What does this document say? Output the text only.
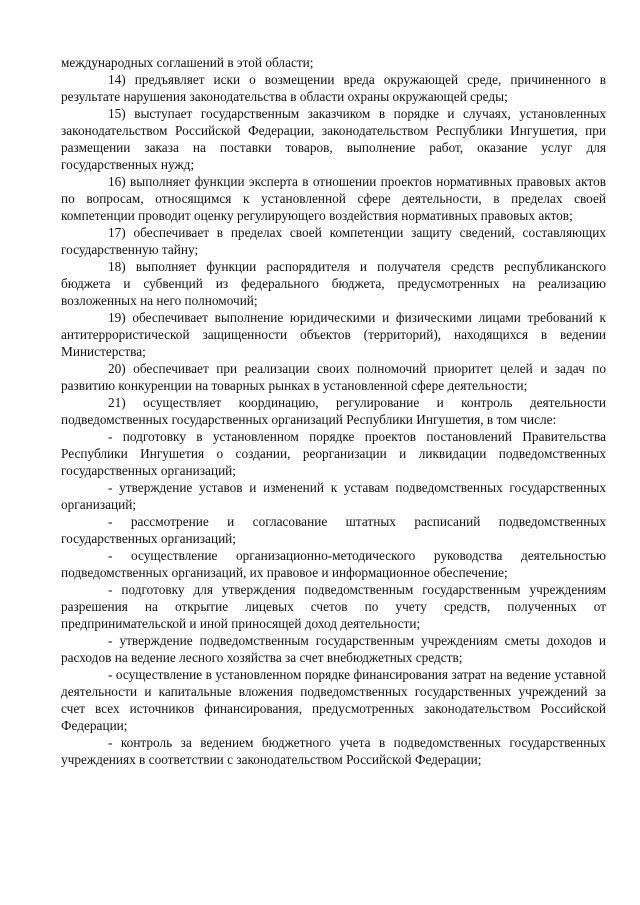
международных соглашений в этой области;

14) предъявляет иски о возмещении вреда окружающей среде, причиненного в результате нарушения законодательства в области охраны окружающей среды;

15) выступает государственным заказчиком в порядке и случаях, установленных законодательством Российской Федерации, законодательством Республики Ингушетия, при размещении заказа на поставки товаров, выполнение работ, оказание услуг для государственных нужд;

16) выполняет функции эксперта в отношении проектов нормативных правовых актов по вопросам, относящимся к установленной сфере деятельности, в пределах своей компетенции проводит оценку регулирующего воздействия нормативных правовых актов;

17) обеспечивает в пределах своей компетенции защиту сведений, составляющих государственную тайну;

18) выполняет функции распорядителя и получателя средств республиканского бюджета и субвенций из федерального бюджета, предусмотренных на реализацию возложенных на него полномочий;

19) обеспечивает выполнение юридическими и физическими лицами требований к антитеррористической защищенности объектов (территорий), находящихся в ведении Министерства;

20) обеспечивает при реализации своих полномочий приоритет целей и задач по развитию конкуренции на товарных рынках в установленной сфере деятельности;

21) осуществляет координацию, регулирование и контроль деятельности подведомственных государственных организаций Республики Ингушетия, в том числе:

- подготовку в установленном порядке проектов постановлений Правительства Республики Ингушетия о создании, реорганизации и ликвидации подведомственных государственных организаций;

- утверждение уставов и изменений к уставам подведомственных государственных организаций;

- рассмотрение и согласование штатных расписаний подведомственных государственных организаций;

- осуществление организационно-методического руководства деятельностью подведомственных организаций, их правовое и информационное обеспечение;

- подготовку для утверждения подведомственным государственным учреждениям разрешения на открытие лицевых счетов по учету средств, полученных от предпринимательской и иной приносящей доход деятельности;

- утверждение подведомственным государственным учреждениям сметы доходов и расходов на ведение лесного хозяйства за счет внебюджетных средств;

- осуществление в установленном порядке финансирования затрат на ведение уставной деятельности и капитальные вложения подведомственных государственных учреждений за счет всех источников финансирования, предусмотренных законодательством Российской Федерации;

- контроль за ведением бюджетного учета в подведомственных государственных учреждениях в соответствии с законодательством Российской Федерации;
